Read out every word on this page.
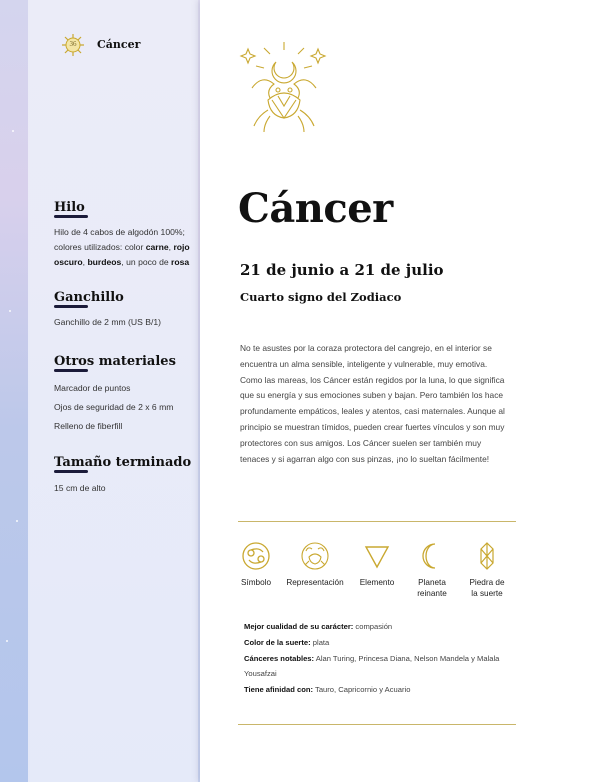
36	Cáncer
Hilo
Hilo de 4 cabos de algodón 100%;
colores utilizados: color carne, rojo
oscuro, burdeos, un poco de rosa
Ganchillo
Ganchillo de 2 mm (US B/1)
Otros materiales
Marcador de puntos
Ojos de seguridad de 2 x 6 mm
Relleno de fiberfill
Tamaño terminado
15 cm de alto
Cáncer
21 de junio a 21 de julio
Cuarto signo del Zodiaco
No te asustes por la coraza protectora del cangrejo, en el interior se encuentra un alma sensible, inteligente y vulnerable, muy emotiva. Como las mareas, los Cáncer están regidos por la luna, lo que significa que su energía y sus emociones suben y bajan. Pero también los hace profundamente empáticos, leales y atentos, casi maternales. Aunque al principio se muestran tímidos, pueden crear fuertes vínculos y son muy protectores con sus amigos. Los Cáncer suelen ser también muy tenaces y si agarran algo con sus pinzas, ¡no lo sueltan fácilmente!
Símbolo	Representación	Elemento	Planeta
reinante
Piedra de
la suerte
Mejor cualidad de su carácter: compasión
Color de la suerte: plata
Cánceres notables: Alan Turing, Princesa Diana, Nelson Mandela y Malala Yousafzai
Tiene afinidad con: Tauro, Capricornio y Acuario
